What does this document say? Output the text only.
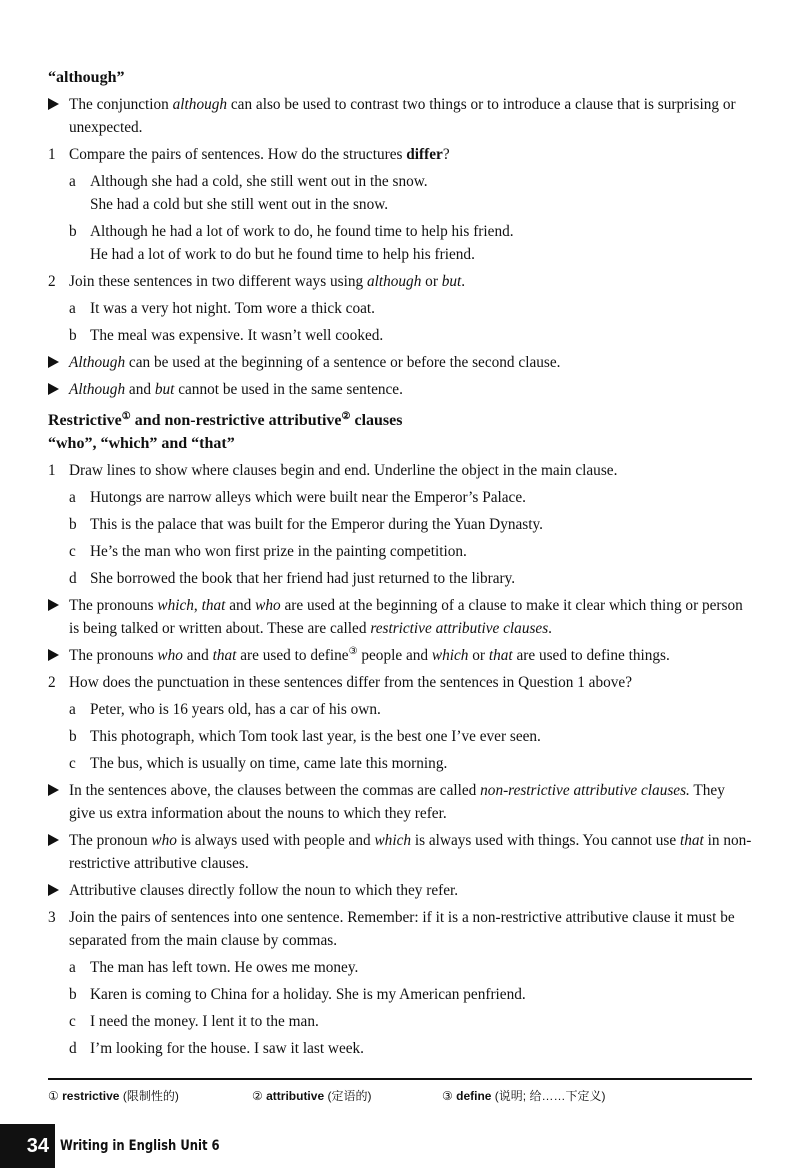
“although”
The conjunction although can also be used to contrast two things or to introduce a clause that is surprising or unexpected.
1 Compare the pairs of sentences. How do the structures differ?
a Although she had a cold, she still went out in the snow.
She had a cold but she still went out in the snow.
b Although he had a lot of work to do, he found time to help his friend.
He had a lot of work to do but he found time to help his friend.
2 Join these sentences in two different ways using although or but.
a It was a very hot night. Tom wore a thick coat.
b The meal was expensive. It wasn’t well cooked.
Although can be used at the beginning of a sentence or before the second clause.
Although and but cannot be used in the same sentence.
Restrictive① and non-restrictive attributive② clauses
“who”, “which” and “that”
1 Draw lines to show where clauses begin and end. Underline the object in the main clause.
a Hutongs are narrow alleys which were built near the Emperor’s Palace.
b This is the palace that was built for the Emperor during the Yuan Dynasty.
c He’s the man who won first prize in the painting competition.
d She borrowed the book that her friend had just returned to the library.
The pronouns which, that and who are used at the beginning of a clause to make it clear which thing or person is being talked or written about. These are called restrictive attributive clauses.
The pronouns who and that are used to define③ people and which or that are used to define things.
2 How does the punctuation in these sentences differ from the sentences in Question 1 above?
a Peter, who is 16 years old, has a car of his own.
b This photograph, which Tom took last year, is the best one I’ve ever seen.
c The bus, which is usually on time, came late this morning.
In the sentences above, the clauses between the commas are called non-restrictive attributive clauses. They give us extra information about the nouns to which they refer.
The pronoun who is always used with people and which is always used with things. You cannot use that in non-restrictive attributive clauses.
Attributive clauses directly follow the noun to which they refer.
3 Join the pairs of sentences into one sentence. Remember: if it is a non-restrictive attributive clause it must be separated from the main clause by commas.
a The man has left town. He owes me money.
b Karen is coming to China for a holiday. She is my American penfriend.
c I need the money. I lent it to the man.
d I’m looking for the house. I saw it last week.
① restrictive (限制性的)	② attributive (定语的)	③ define (说明; 给……下定义)
34 Writing in English Unit 6
